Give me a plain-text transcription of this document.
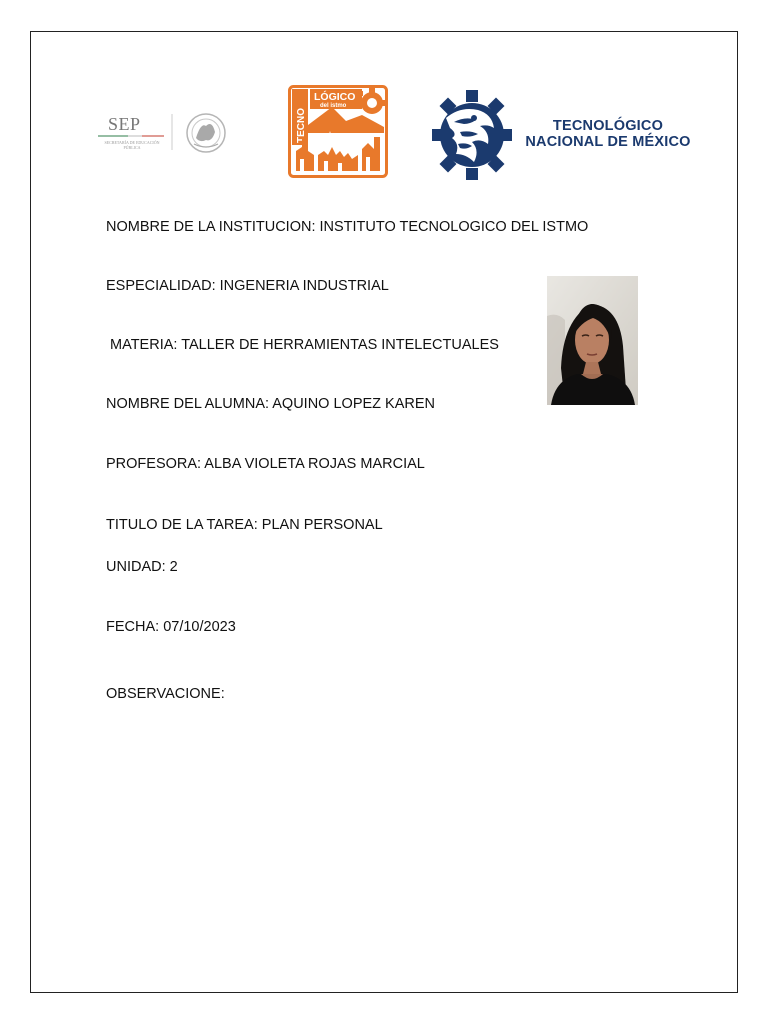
SEP
SECRETARÍA DE EDUCACIÓN PÚBLICA
TECNO
LÓGICO
del istmo
TECNOLÓGICO
NACIONAL DE MÉXICO
NOMBRE DE LA INSTITUCION: INSTITUTO TECNOLOGICO DEL ISTMO
ESPECIALIDAD: INGENERIA INDUSTRIAL
MATERIA: TALLER DE HERRAMIENTAS INTELECTUALES
NOMBRE DEL ALUMNA: AQUINO LOPEZ KAREN
PROFESORA: ALBA VIOLETA ROJAS MARCIAL
TITULO DE LA TAREA: PLAN PERSONAL
UNIDAD: 2
FECHA: 07/10/2023
OBSERVACIONE:
